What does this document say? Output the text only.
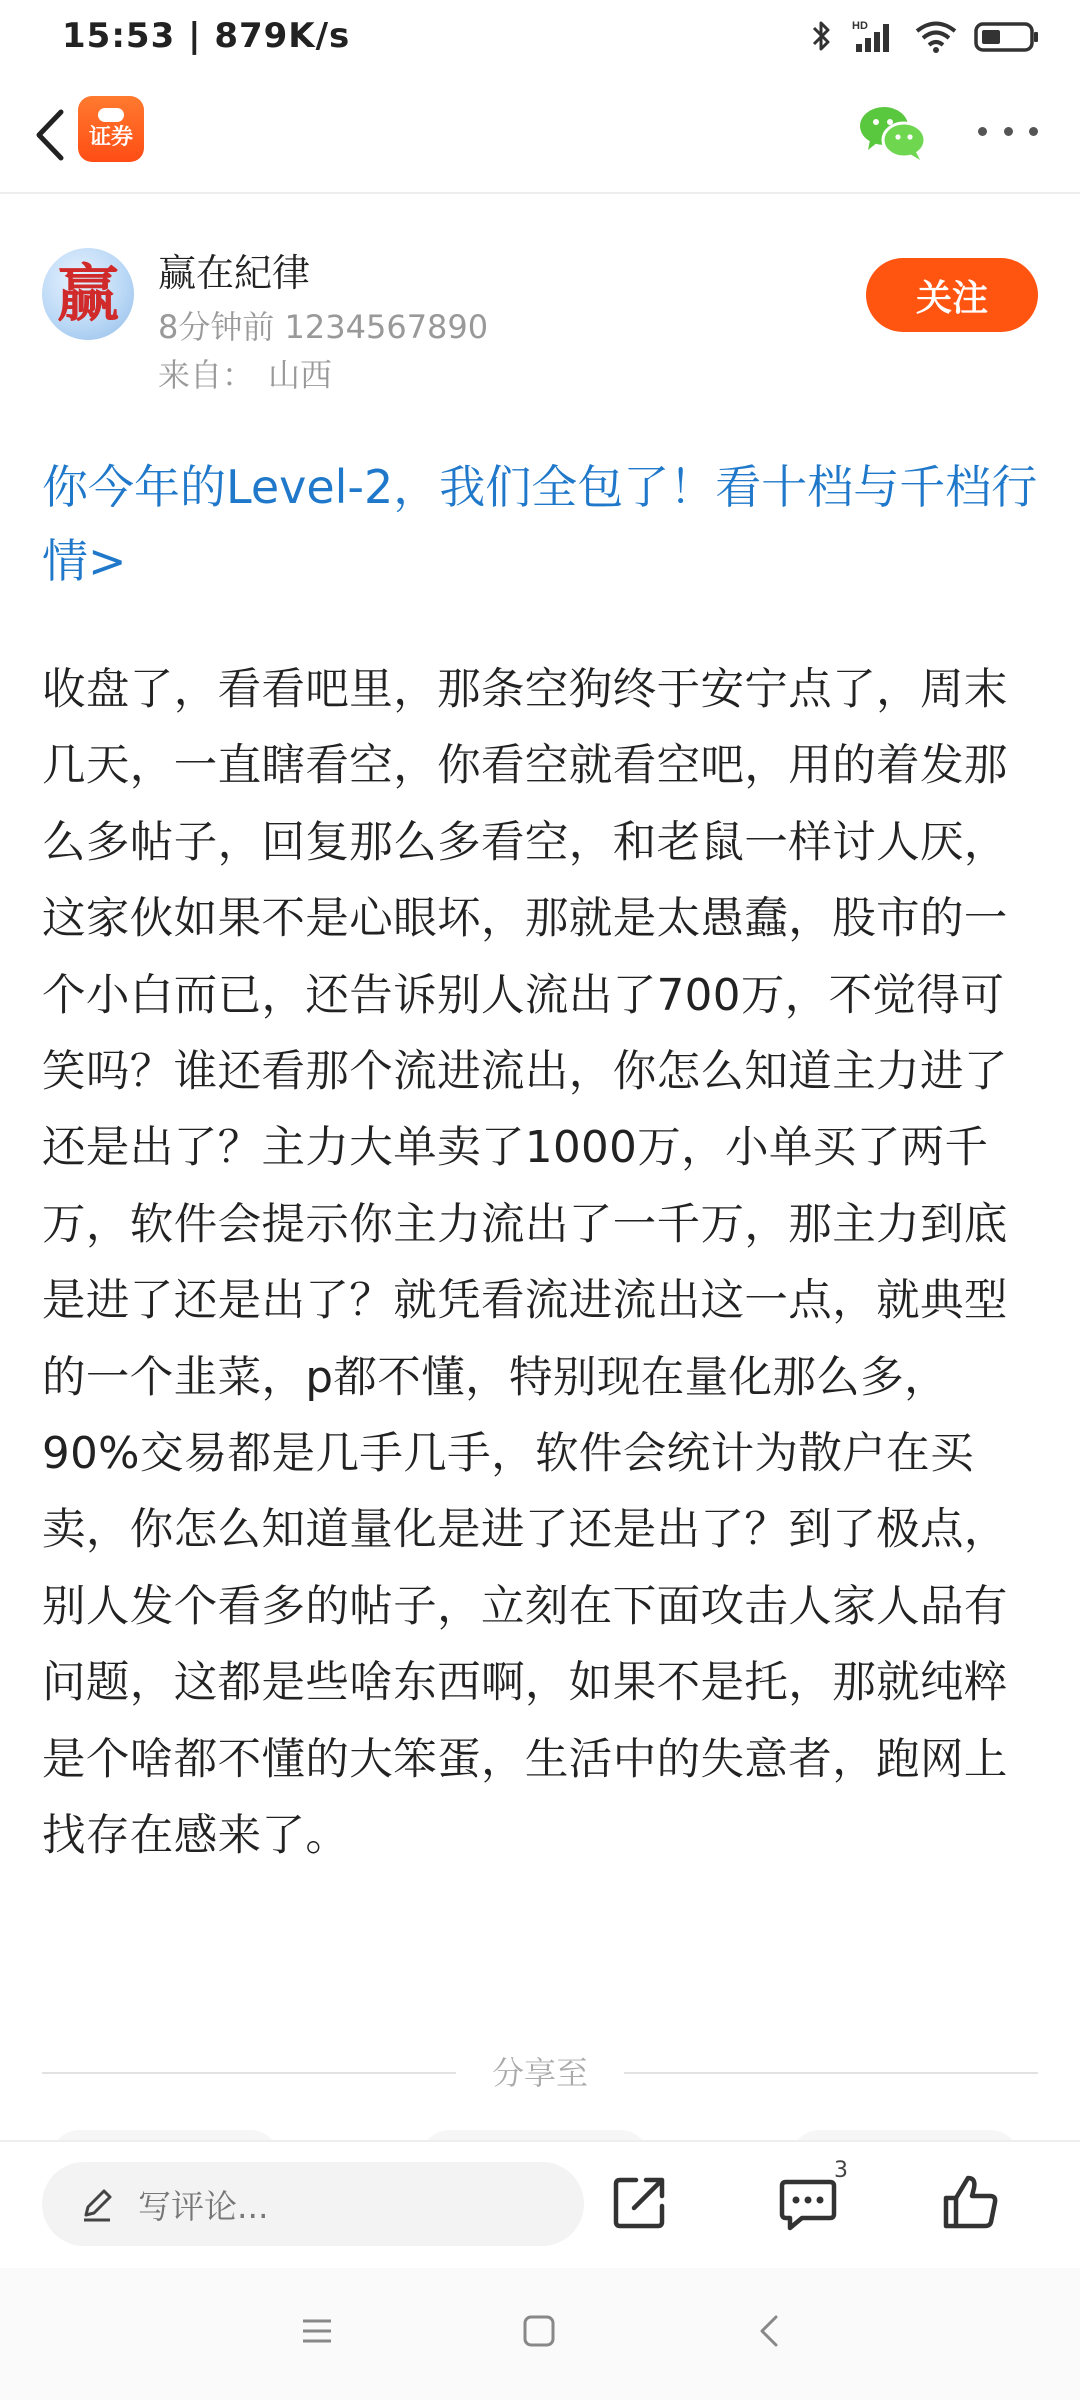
15:53 | 879K/s	HD
证券
赢 赢在紀律
8分钟前 1234567890
来自： 山西
关注
你今年的Level-2，我们全包了！看十档与千档行情>
收盘了，看看吧里，那条空狗终于安宁点了，周末几天，一直瞎看空，你看空就看空吧，用的着发那么多帖子，回复那么多看空，和老鼠一样讨人厌，这家伙如果不是心眼坏，那就是太愚蠢，股市的一个小白而已，还告诉别人流出了700万，不觉得可笑吗？谁还看那个流进流出，你怎么知道主力进了还是出了？主力大单卖了1000万，小单买了两千万，软件会提示你主力流出了一千万，那主力到底是进了还是出了？就凭看流进流出这一点，就典型的一个韭菜，p都不懂，特别现在量化那么多，90%交易都是几手几手，软件会统计为散户在买卖，你怎么知道量化是进了还是出了？到了极点，别人发个看多的帖子，立刻在下面攻击人家人品有问题，这都是些啥东西啊，如果不是托，那就纯粹是个啥都不懂的大笨蛋，生活中的失意者，跑网上找存在感来了。
分享至
写评论...
3
